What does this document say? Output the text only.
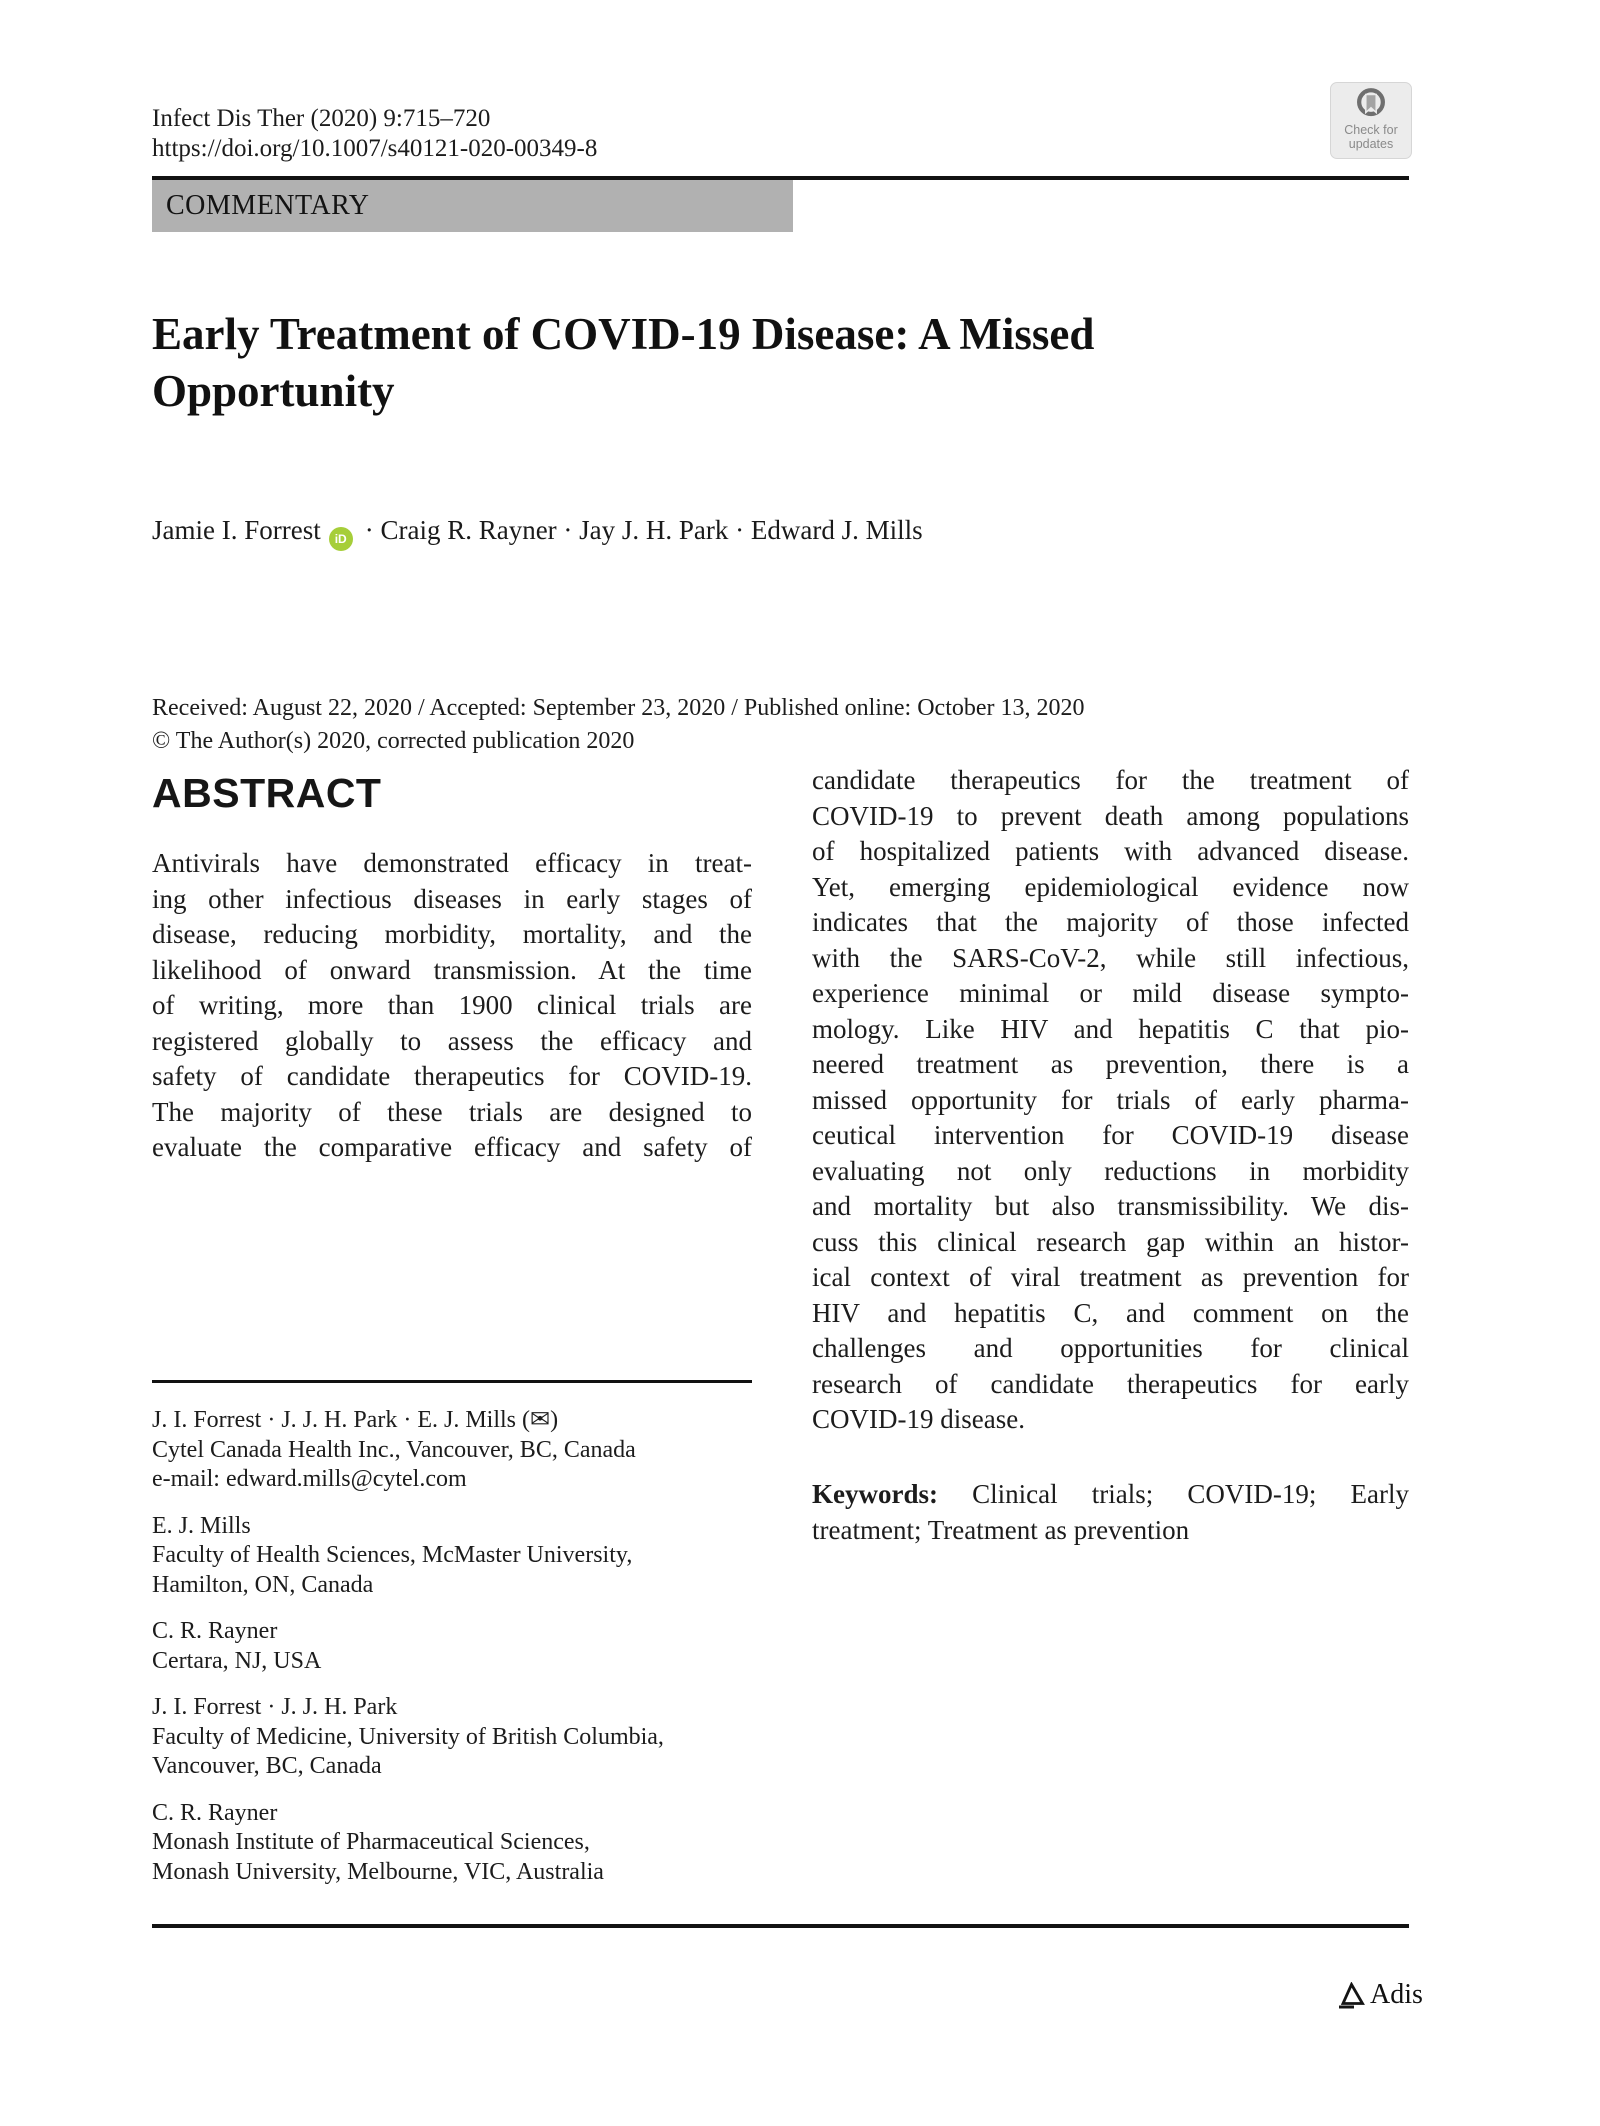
Infect Dis Ther (2020) 9:715–720
https://doi.org/10.1007/s40121-020-00349-8
Check for
updates
COMMENTARY
Early Treatment of COVID-19 Disease: A Missed
Opportunity
Jamie I. Forrest iD · Craig R. Rayner · Jay J. H. Park · Edward J. Mills
Received: August 22, 2020 / Accepted: September 23, 2020 / Published online: October 13, 2020
© The Author(s) 2020, corrected publication 2020
ABSTRACT
Antivirals have demonstrated efficacy in treat-
ing other infectious diseases in early stages of
disease, reducing morbidity, mortality, and the
likelihood of onward transmission. At the time
of writing, more than 1900 clinical trials are
registered globally to assess the efficacy and
safety of candidate therapeutics for COVID-19.
The majority of these trials are designed to
evaluate the comparative efficacy and safety of
candidate therapeutics for the treatment of
COVID-19 to prevent death among populations
of hospitalized patients with advanced disease.
Yet, emerging epidemiological evidence now
indicates that the majority of those infected
with the SARS-CoV-2, while still infectious,
experience minimal or mild disease sympto-
mology. Like HIV and hepatitis C that pio-
neered treatment as prevention, there is a
missed opportunity for trials of early pharma-
ceutical intervention for COVID-19 disease
evaluating not only reductions in morbidity
and mortality but also transmissibility. We dis-
cuss this clinical research gap within an histor-
ical context of viral treatment as prevention for
HIV and hepatitis C, and comment on the
challenges and opportunities for clinical
research of candidate therapeutics for early
COVID-19 disease.
Keywords: Clinical trials; COVID-19; Early
treatment; Treatment as prevention
J. I. Forrest · J. J. H. Park · E. J. Mills (✉)
Cytel Canada Health Inc., Vancouver, BC, Canada
e-mail: edward.mills@cytel.com
E. J. Mills
Faculty of Health Sciences, McMaster University,
Hamilton, ON, Canada
C. R. Rayner
Certara, NJ, USA
J. I. Forrest · J. J. H. Park
Faculty of Medicine, University of British Columbia,
Vancouver, BC, Canada
C. R. Rayner
Monash Institute of Pharmaceutical Sciences,
Monash University, Melbourne, VIC, Australia
Adis
